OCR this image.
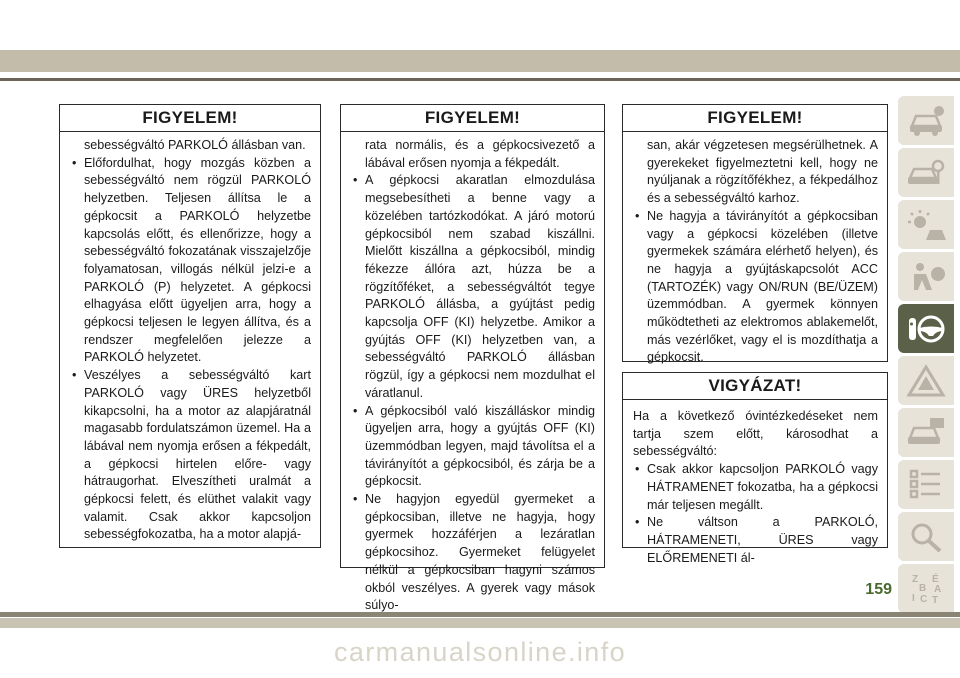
FIGYELEM!

sebességváltó PARKOLÓ állásban van.

• Előfordulhat, hogy mozgás közben a sebességváltó nem rögzül PARKOLÓ helyzetben. Teljesen állítsa le a gépkocsit a PARKOLÓ helyzetbe kapcsolás előtt, és ellenőrizze, hogy a sebességváltó fokozatának visszajelzője folyamatosan, villogás nélkül jelzi-e a PARKOLÓ (P) helyzetet. A gépkocsi elhagyása előtt ügyeljen arra, hogy a gépkocsi teljesen le legyen állítva, és a rendszer megfelelően jelezze a PARKOLÓ helyzetet.
• Veszélyes a sebességváltó kart PARKOLÓ vagy ÜRES helyzetből kikapcsolni, ha a motor az alapjáratnál magasabb fordulatszámon üzemel. Ha a lábával nem nyomja erősen a fékpedált, a gépkocsi hirtelen előre- vagy hátraugorhat. Elveszítheti uralmát a gépkocsi felett, és elüthet valakit vagy valamit. Csak akkor kapcsoljon sebességfokozatba, ha a motor alapjá-
FIGYELEM!

rata normális, és a gépkocsivezető a lábával erősen nyomja a fékpedált.

• A gépkocsi akaratlan elmozdulása megsebesítheti a benne vagy a közelében tartózkodókat. A járó motorú gépkocsiból nem szabad kiszállni. Mielőtt kiszállna a gépkocsiból, mindig fékezze állóra azt, húzza be a rögzítőféket, a sebességváltót tegye PARKOLÓ állásba, a gyújtást pedig kapcsolja OFF (KI) helyzetbe. Amikor a gyújtás OFF (KI) helyzetben van, a sebességváltó PARKOLÓ állásban rögzül, így a gépkocsi nem mozdulhat el váratlanul.
• A gépkocsiból való kiszálláskor mindig ügyeljen arra, hogy a gyújtás OFF (KI) üzemmódban legyen, majd távolítsa el a távirányítót a gépkocsiból, és zárja be a gépkocsit.
• Ne hagyjon egyedül gyermeket a gépkocsiban, illetve ne hagyja, hogy gyermek hozzáférjen a lezáratlan gépkocsihoz. Gyermeket felügyelet nélkül a gépkocsiban hagyni számos okból veszélyes. A gyerek vagy mások súlyo-
FIGYELEM!

san, akár végzetesen megsérülhetnek. A gyerekeket figyelmeztetni kell, hogy ne nyúljanak a rögzítőfékhez, a fékpedálhoz és a sebességváltó karhoz.

• Ne hagyja a távirányítót a gépkocsiban vagy a gépkocsi közelében (illetve gyermekek számára elérhető helyen), és ne hagyja a gyújtáskapcsolót ACC (TARTOZÉK) vagy ON/RUN (BE/ÜZEM) üzemmódban. A gyermek könnyen működtetheti az elektromos ablakemelőt, más vezérlőket, vagy el is mozdíthatja a gépkocsit.
VIGYÁZAT!

Ha a következő óvintézkedéseket nem tartja szem előtt, károsodhat a sebességváltó:

• Csak akkor kapcsoljon PARKOLÓ vagy HÁTRAMENET fokozatba, ha a gépkocsi már teljesen megállt.
• Ne váltson a PARKOLÓ, HÁTRAMENETI, ÜRES vagy ELŐREMENETI ál-
Z É
B A
I C T
159
carmanualsonline.info
